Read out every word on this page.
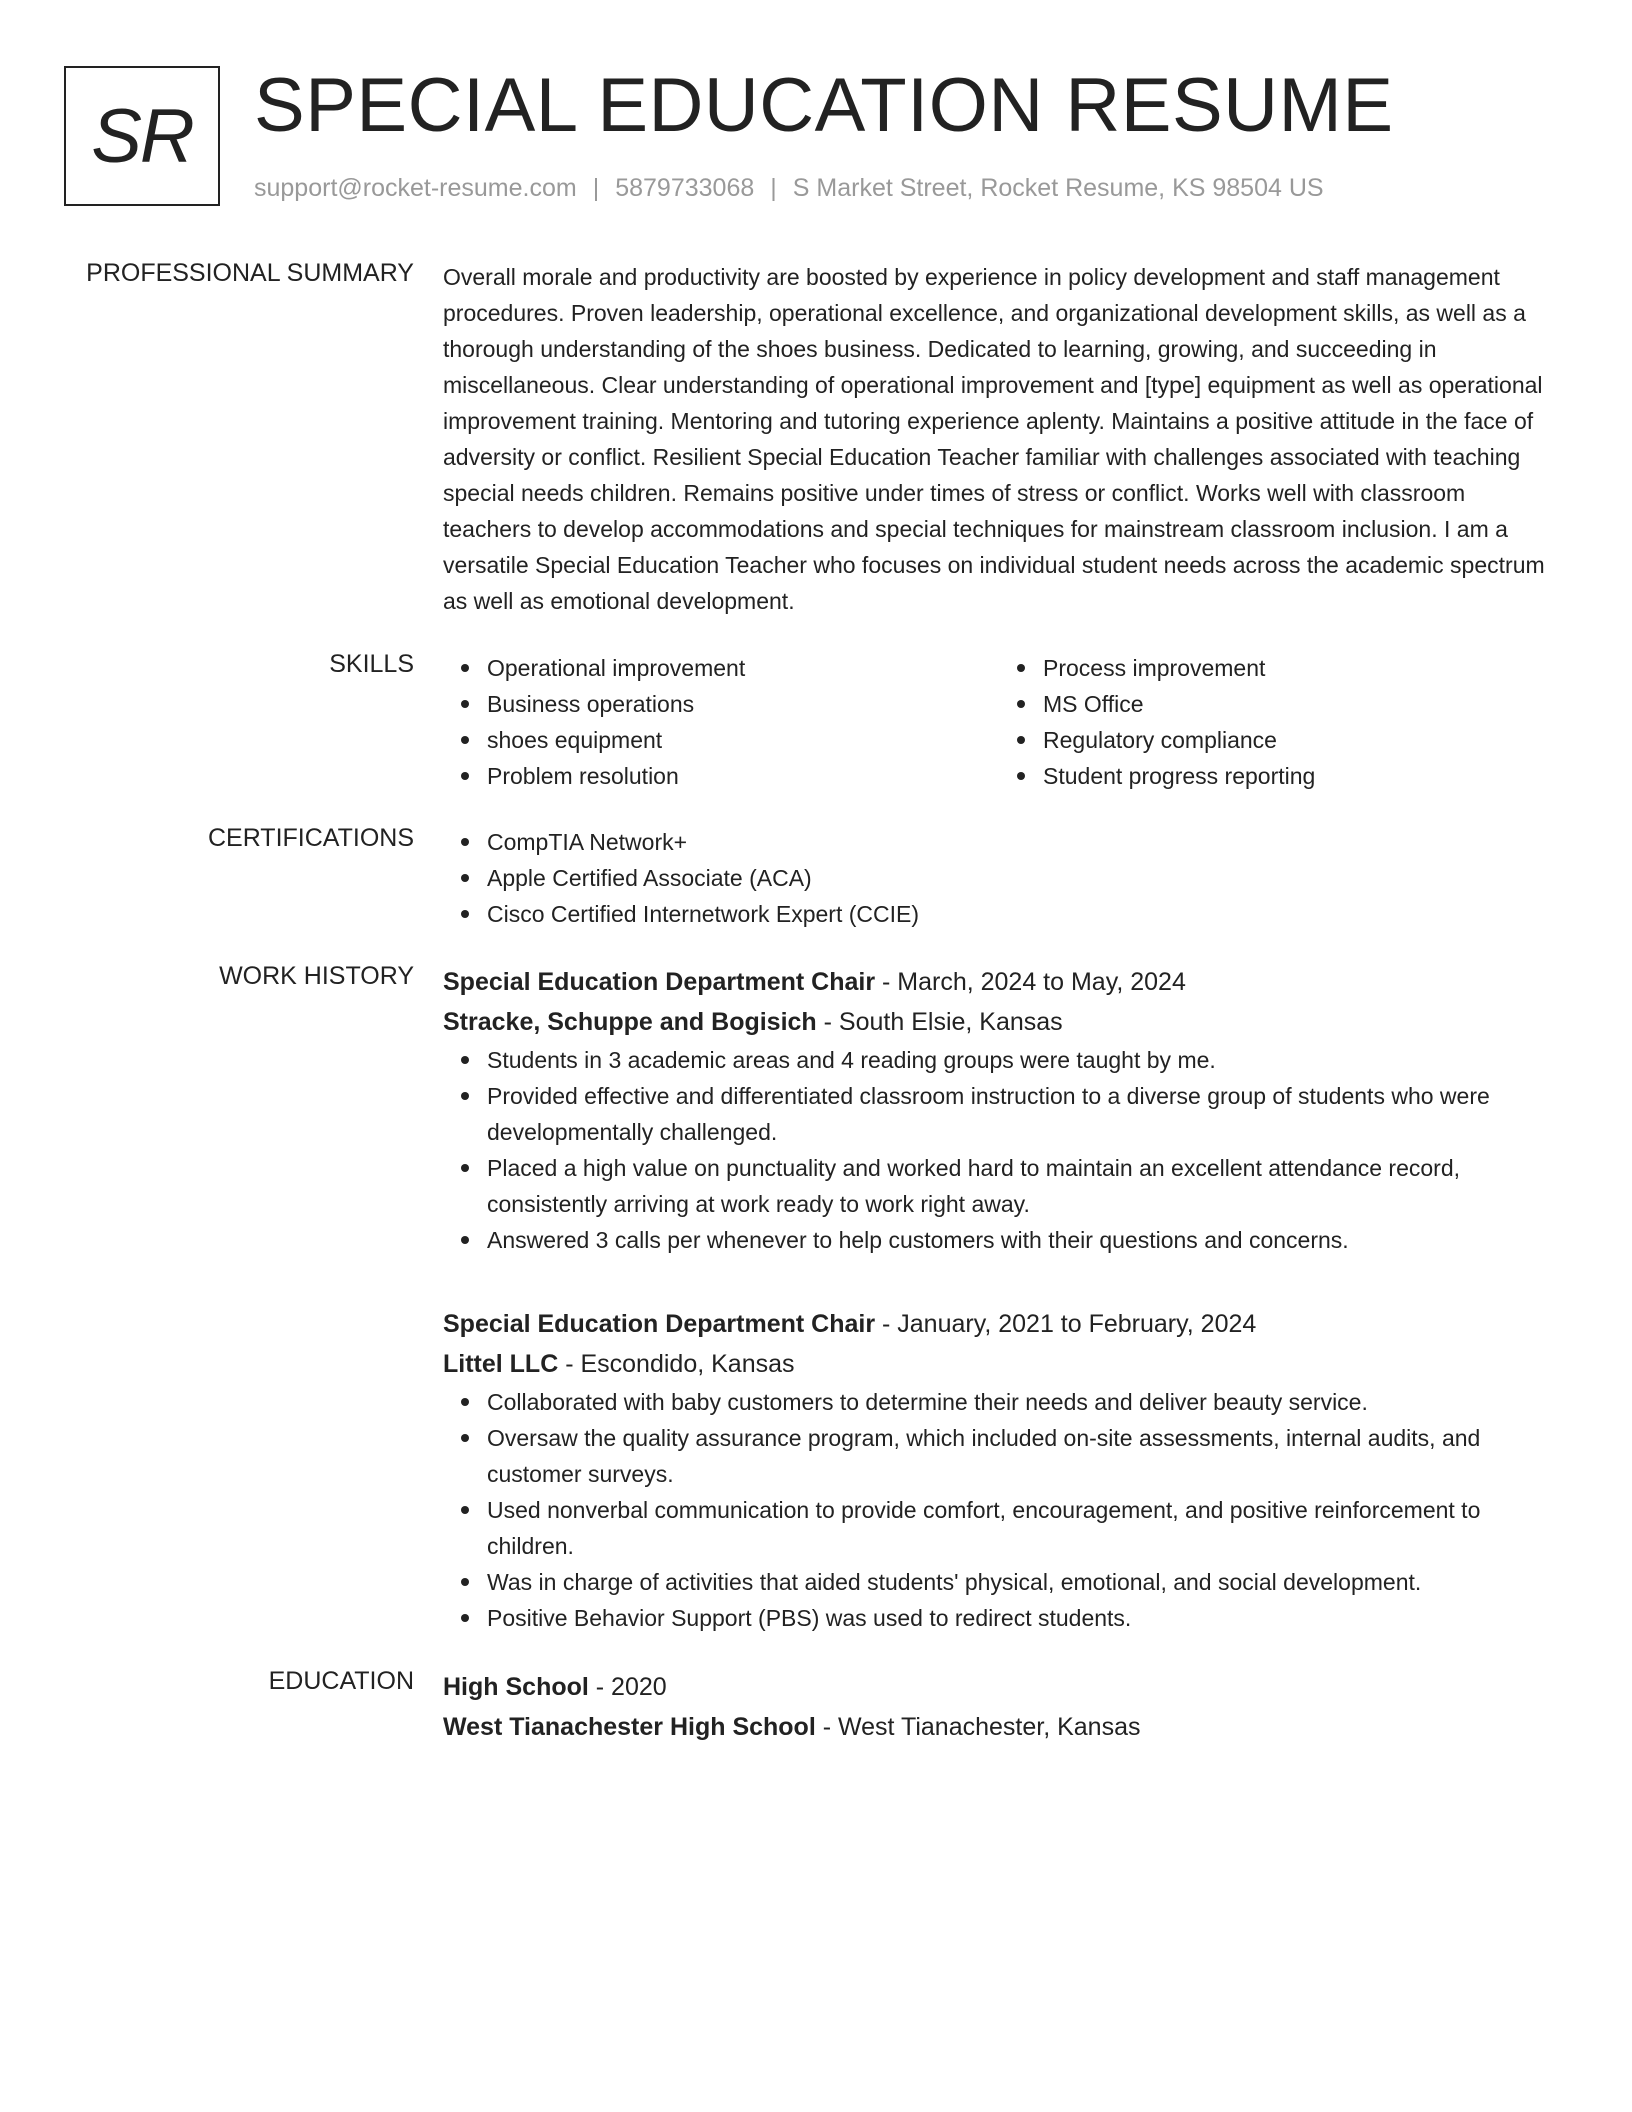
SR SPECIAL EDUCATION RESUME
support@rocket-resume.com | 5879733068 | S Market Street, Rocket Resume, KS 98504 US
PROFESSIONAL SUMMARY Overall morale and productivity are boosted by experience in policy development and staff management procedures. Proven leadership, operational excellence, and organizational development skills, as well as a thorough understanding of the shoes business. Dedicated to learning, growing, and succeeding in miscellaneous. Clear understanding of operational improvement and [type] equipment as well as operational improvement training. Mentoring and tutoring experience aplenty. Maintains a positive attitude in the face of adversity or conflict. Resilient Special Education Teacher familiar with challenges associated with teaching special needs children. Remains positive under times of stress or conflict. Works well with classroom teachers to develop accommodations and special techniques for mainstream classroom inclusion. I am a versatile Special Education Teacher who focuses on individual student needs across the academic spectrum as well as emotional development.

SKILLS	Operational improvement
Business operations
shoes equipment
Problem resolution
Process improvement
MS Office
Regulatory compliance
Student progress reporting
CERTIFICATIONS	CompTIA Network+
Apple Certified Associate (ACA)
Cisco Certified Internetwork Expert (CCIE)
WORK HISTORY Special Education Department Chair - March, 2024 to May, 2024
Stracke, Schuppe and Bogisich - South Elsie, Kansas
Students in 3 academic areas and 4 reading groups were taught by me.
Provided effective and differentiated classroom instruction to a diverse group of students who were developmentally challenged.
Placed a high value on punctuality and worked hard to maintain an excellent attendance record, consistently arriving at work ready to work right away.
Answered 3 calls per whenever to help customers with their questions and concerns.
Special Education Department Chair - January, 2021 to February, 2024
Littel LLC - Escondido, Kansas
Collaborated with baby customers to determine their needs and deliver beauty service.
Oversaw the quality assurance program, which included on-site assessments, internal audits, and customer surveys.
Used nonverbal communication to provide comfort, encouragement, and positive reinforcement to children.
Was in charge of activities that aided students' physical, emotional, and social development.
Positive Behavior Support (PBS) was used to redirect students.
EDUCATION High School - 2020
West Tianachester High School - West Tianachester, Kansas
